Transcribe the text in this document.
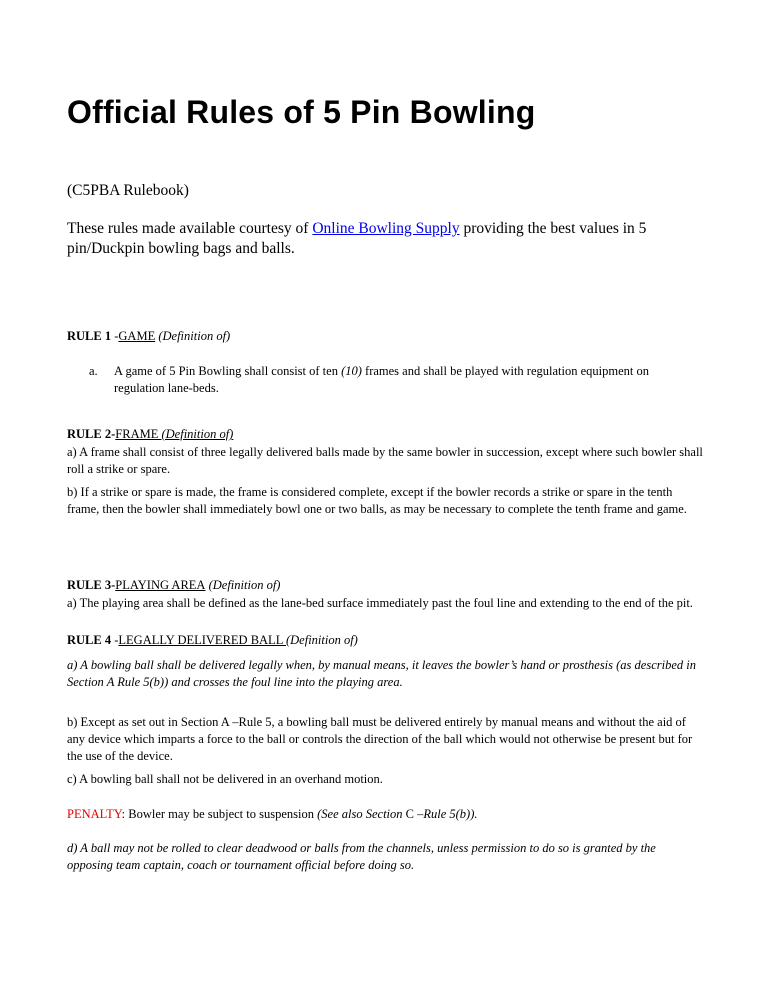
Official Rules of 5 Pin Bowling

(C5PBA Rulebook)

These rules made available courtesy of Online Bowling Supply providing the best values in 5
pin/Duckpin bowling bags and balls.

RULE 1 -GAME (Definition of)

a. A game of 5 Pin Bowling shall consist of ten (10) frames and shall be played with regulation equipment on regulation lane-beds.

RULE 2-FRAME (Definition of)

a) A frame shall consist of three legally delivered balls made by the same bowler in succession, except where such bowler shall roll a strike or spare.

b) If a strike or spare is made, the frame is considered complete, except if the bowler records a strike or spare in the tenth frame, then the bowler shall immediately bowl one or two balls, as may be necessary to complete the tenth frame and game.

RULE 3-PLAYING AREA (Definition of)

a) The playing area shall be defined as the lane-bed surface immediately past the foul line and extending to the end of the pit.

RULE 4 -LEGALLY DELIVERED BALL (Definition of)

a) A bowling ball shall be delivered legally when, by manual means, it leaves the bowler’s hand or prosthesis (as described in Section A Rule 5(b)) and crosses the foul line into the playing area.

b) Except as set out in Section A –Rule 5, a bowling ball must be delivered entirely by manual means and without the aid of any device which imparts a force to the ball or controls the direction of the ball which would not otherwise be present but for the use of the device.

c) A bowling ball shall not be delivered in an overhand motion.

PENALTY: Bowler may be subject to suspension (See also Section C –Rule 5(b)).

d) A ball may not be rolled to clear deadwood or balls from the channels, unless permission to do so is granted by the opposing team captain, coach or tournament official before doing so.
